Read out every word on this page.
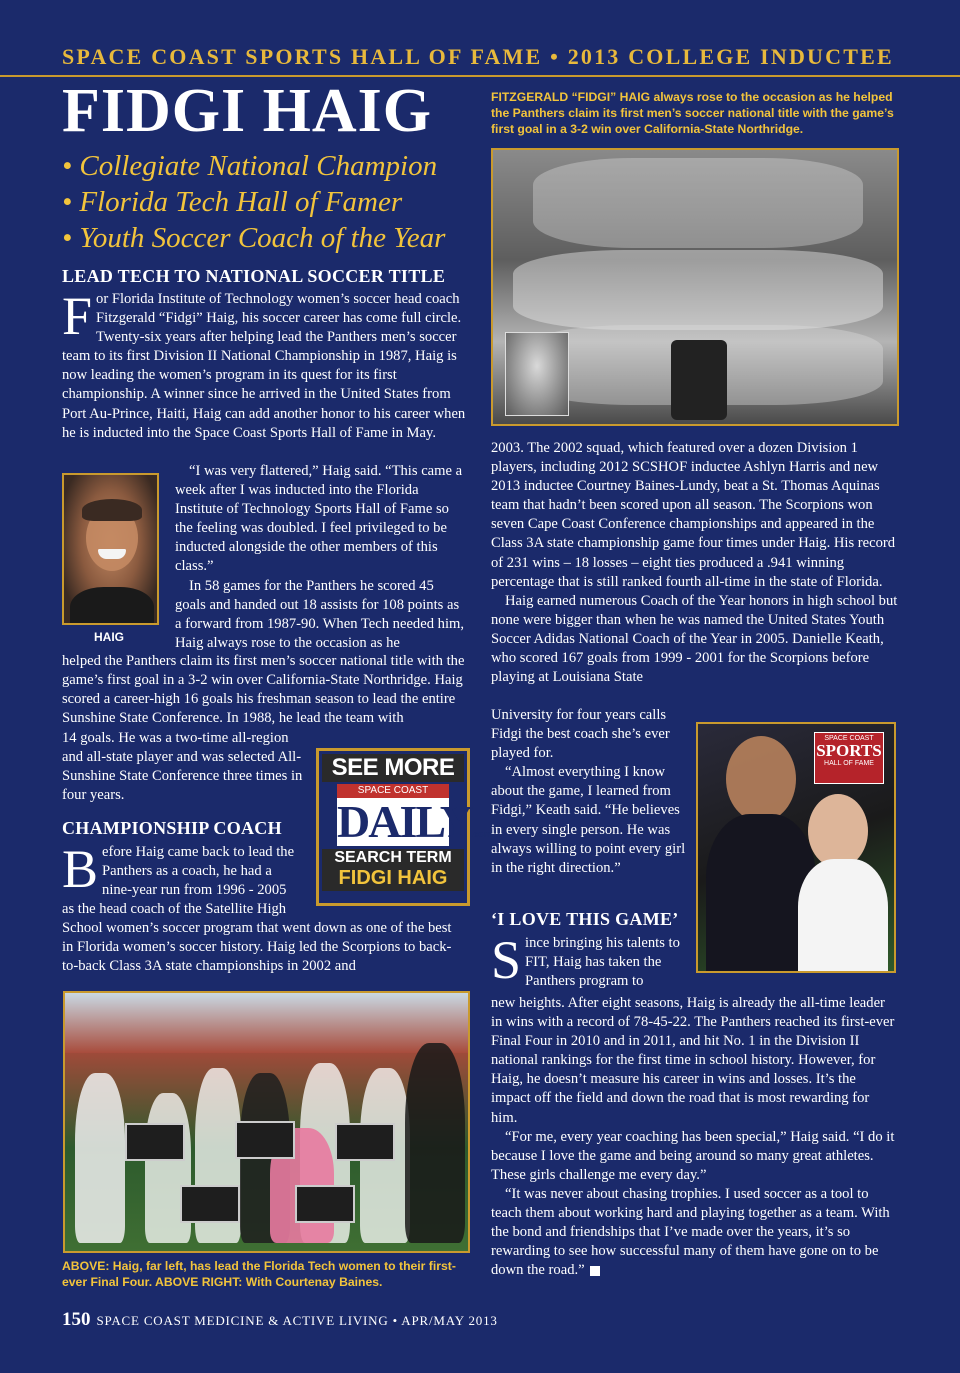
SPACE COAST SPORTS HALL OF FAME • 2013 COLLEGE INDUCTEE
FIDGI HAIG
• Collegiate National Champion
• Florida Tech Hall of Famer
• Youth Soccer Coach of the Year
LEAD TECH TO NATIONAL SOCCER TITLE

For Florida Institute of Technology women’s soccer head coach Fitzgerald “Fidgi” Haig, his soccer career has come full circle. Twenty-six years after helping lead the Panthers men’s soccer team to its first Division II National Championship in 1987, Haig is now leading the women’s program in its quest for its first championship. A winner since he arrived in the United States from Port Au-Prince, Haiti, Haig can add another honor to his career when he is inducted into the Space Coast Sports Hall of Fame in May.

HAIG

“I was very flattered,” Haig said. “This came a week after I was inducted into the Florida Institute of Technology Sports Hall of Fame so the feeling was doubled. I feel privileged to be inducted alongside the other members of this class.”

In 58 games for the Panthers he scored 45 goals and handed out 18 assists for 108 points as a forward from 1987-90. When Tech needed him, Haig always rose to the occasion as he

helped the Panthers claim its first men’s soccer national title with the game’s first goal in a 3-2 win over California-State Northridge. Haig scored a career-high 16 goals his freshman season to lead the entire Sunshine State Conference. In 1988, he lead the team with

14 goals. He was a two-time all-region and all-state player and was selected All-Sunshine State Conference three times in four years.

SEE MORE
SPACE COAST
DAILY.com
SEARCH TERM
FIDGI HAIG
CHAMPIONSHIP COACH

Before Haig came back to lead the Panthers as a coach, he had a nine-year run from 1996 - 2005 as the head coach of the Satellite High

School women’s soccer program that went down as one of the best in Florida women’s soccer history. Haig led the Scorpions to back-to-back Class 3A state championships in 2002 and

ABOVE: Haig, far left, has lead the Florida Tech women to their first-ever Final Four. ABOVE RIGHT: With Courtenay Baines.
FITZGERALD “FIDGI” HAIG always rose to the occasion as he helped the Panthers claim its first men’s soccer national title with the game’s first goal in a 3-2 win over California-State Northridge.

2003. The 2002 squad, which featured over a dozen Division 1 players, including 2012 SCSHOF inductee Ashlyn Harris and new 2013 inductee Courtney Baines-Lundy, beat a St. Thomas Aquinas team that hadn’t been scored upon all season. The Scorpions won seven Cape Coast Conference championships and appeared in the Class 3A state championship game four times under Haig. His record of 231 wins – 18 losses – eight ties produced a .941 winning percentage that is still ranked fourth all-time in the state of Florida.

Haig earned numerous Coach of the Year honors in high school but none were bigger than when he was named the United States Youth Soccer Adidas National Coach of the Year in 2005. Danielle Keath, who scored 167 goals from 1999 - 2001 for the Scorpions before playing at Louisiana State

University for four years calls Fidgi the best coach she’s ever played for.

“Almost everything I know about the game, I learned from Fidgi,” Keath said. “He believes in every single person. He was always willing to point every girl in the right direction.”

SPACE COAST
SPORTS
HALL OF FAME
‘I LOVE THIS GAME’

Since bringing his talents to FIT, Haig has taken the Panthers program to

new heights. After eight seasons, Haig is already the all-time leader in wins with a record of 78-45-22. The Panthers reached its first-ever Final Four in 2010 and in 2011, and hit No. 1 in the Division II national rankings for the first time in school history. However, for Haig, he doesn’t measure his career in wins and losses. It’s the impact off the field and down the road that is most rewarding for him.

“For me, every year coaching has been special,” Haig said. “I do it because I love the game and being around so many great athletes. These girls challenge me every day.”

“It was never about chasing trophies. I used soccer as a tool to teach them about working hard and playing together as a team. With the bond and friendships that I’ve made over the years, it’s so rewarding to see how successful many of them have gone on to be down the road.”

150 SPACE COAST MEDICINE & ACTIVE LIVING • APR/MAY 2013
